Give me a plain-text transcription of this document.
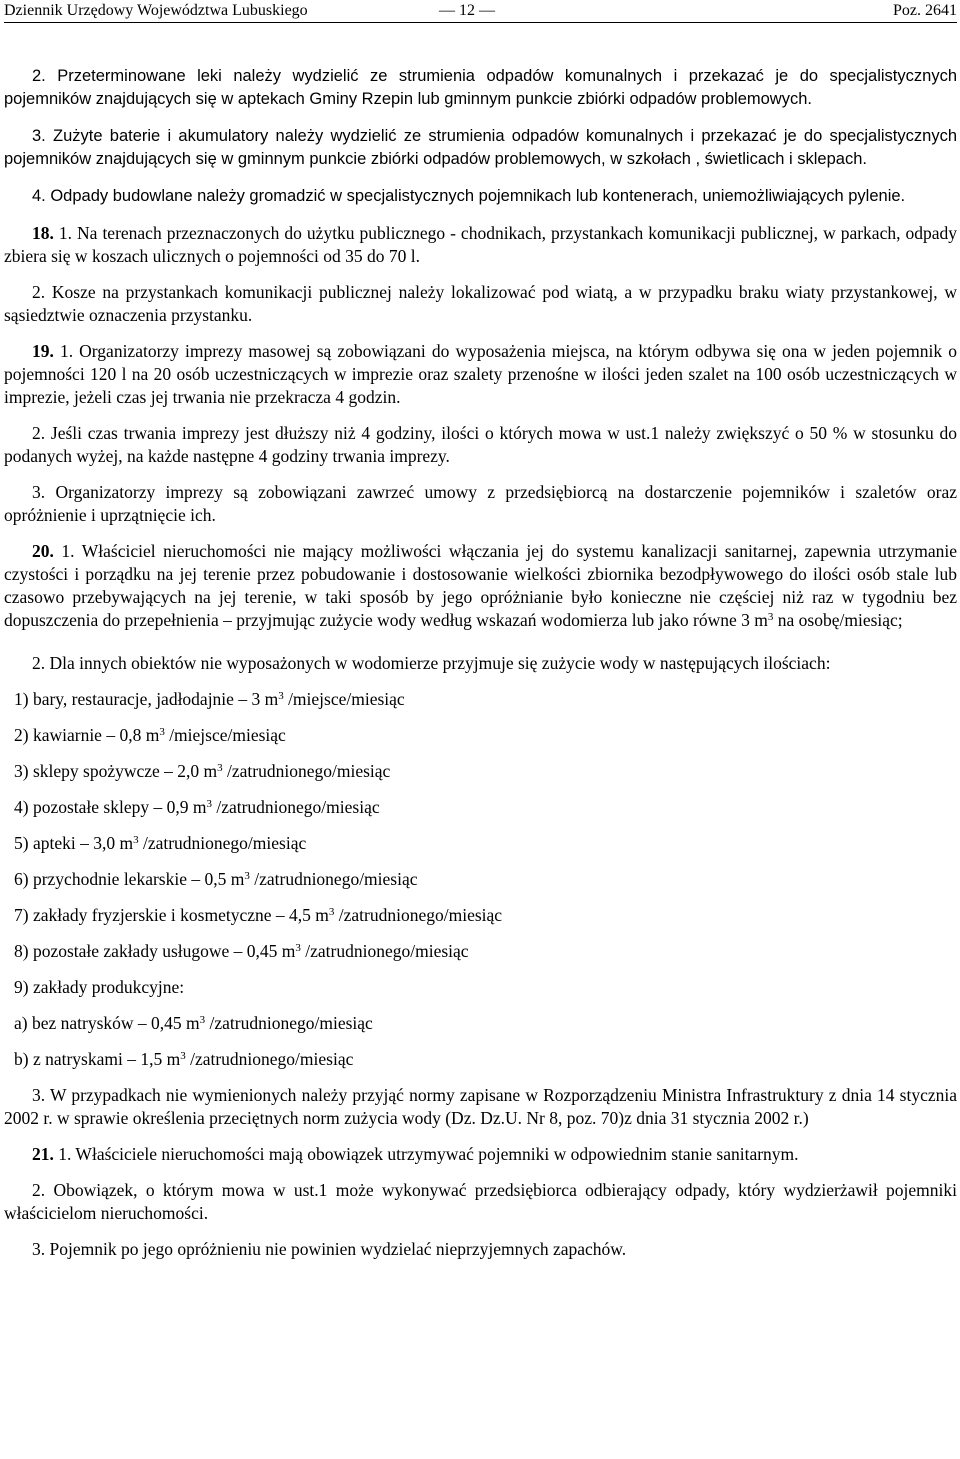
Dziennik Urzędowy Województwa Lubuskiego	— 12 —	Poz. 2641

2. Przeterminowane leki należy wydzielić ze strumienia odpadów komunalnych i przekazać je do specjalistycznych pojemników znajdujących się w aptekach Gminy Rzepin lub gminnym punkcie zbiórki odpadów problemowych.

3. Zużyte baterie i akumulatory należy wydzielić ze strumienia odpadów komunalnych i przekazać je do specjalistycznych pojemników znajdujących się w gminnym punkcie zbiórki odpadów problemowych, w szkołach , świetlicach i sklepach.

4. Odpady budowlane należy gromadzić w specjalistycznych pojemnikach lub kontenerach, uniemożliwiających pylenie.

18. 1. Na terenach przeznaczonych do użytku publicznego - chodnikach, przystankach komunikacji publicznej, w parkach, odpady zbiera się w koszach ulicznych o pojemności od 35 do 70 l.

2. Kosze na przystankach komunikacji publicznej należy lokalizować pod wiatą, a w przypadku braku wiaty przystankowej, w sąsiedztwie oznaczenia przystanku.

19. 1. Organizatorzy imprezy masowej są zobowiązani do wyposażenia miejsca, na którym odbywa się ona w jeden pojemnik o pojemności 120 l na 20 osób uczestniczących w imprezie oraz szalety przenośne w ilości jeden szalet na 100 osób uczestniczących w imprezie, jeżeli czas jej trwania nie przekracza 4 godzin.

2. Jeśli czas trwania imprezy jest dłuższy niż 4 godziny, ilości o których mowa w ust.1 należy zwiększyć o 50 % w stosunku do podanych wyżej, na każde następne 4 godziny trwania imprezy.

3. Organizatorzy imprezy są zobowiązani zawrzeć umowy z przedsiębiorcą na dostarczenie pojemników i szaletów oraz opróżnienie i uprzątnięcie ich.

20. 1. Właściciel nieruchomości nie mający możliwości włączania jej do systemu kanalizacji sanitarnej, zapewnia utrzymanie czystości i porządku na jej terenie przez pobudowanie i dostosowanie wielkości zbiornika bezodpływowego do ilości osób stale lub czasowo przebywających na jej terenie, w taki sposób by jego opróżnianie było konieczne nie częściej niż raz w tygodniu bez dopuszczenia do przepełnienia – przyjmując zużycie wody według wskazań wodomierza lub jako równe 3 $m^3$ na osobę/miesiąc;

2. Dla innych obiektów nie wyposażonych w wodomierze przyjmuje się zużycie wody w następujących ilościach:

1) bary, restauracje, jadłodajnie – 3 $m^3$ /miejsce/miesiąc

2) kawiarnie – 0,8 $m^3$ /miejsce/miesiąc

3) sklepy spożywcze – 2,0 $m^3$ /zatrudnionego/miesiąc

4) pozostałe sklepy – 0,9 $m^3$ /zatrudnionego/miesiąc

5) apteki – 3,0 $m^3$ /zatrudnionego/miesiąc

6) przychodnie lekarskie – 0,5 $m^3$ /zatrudnionego/miesiąc

7) zakłady fryzjerskie i kosmetyczne – 4,5 $m^3$ /zatrudnionego/miesiąc

8) pozostałe zakłady usługowe – 0,45 $m^3$ /zatrudnionego/miesiąc

9) zakłady produkcyjne:

a) bez natrysków – 0,45 $m^3$ /zatrudnionego/miesiąc

b) z natryskami – 1,5 $m^3$ /zatrudnionego/miesiąc

3. W przypadkach nie wymienionych należy przyjąć normy zapisane w Rozporządzeniu Ministra Infrastruktury z dnia 14 stycznia 2002 r. w sprawie określenia przeciętnych norm zużycia wody (Dz. Dz.U. Nr 8, poz. 70)z dnia 31 stycznia 2002 r.)

21. 1. Właściciele nieruchomości mają obowiązek utrzymywać pojemniki w odpowiednim stanie sanitarnym.

2. Obowiązek, o którym mowa w ust.1 może wykonywać przedsiębiorca odbierający odpady, który wydzierżawił pojemniki właścicielom nieruchomości.

3. Pojemnik po jego opróżnieniu nie powinien wydzielać nieprzyjemnych zapachów.
